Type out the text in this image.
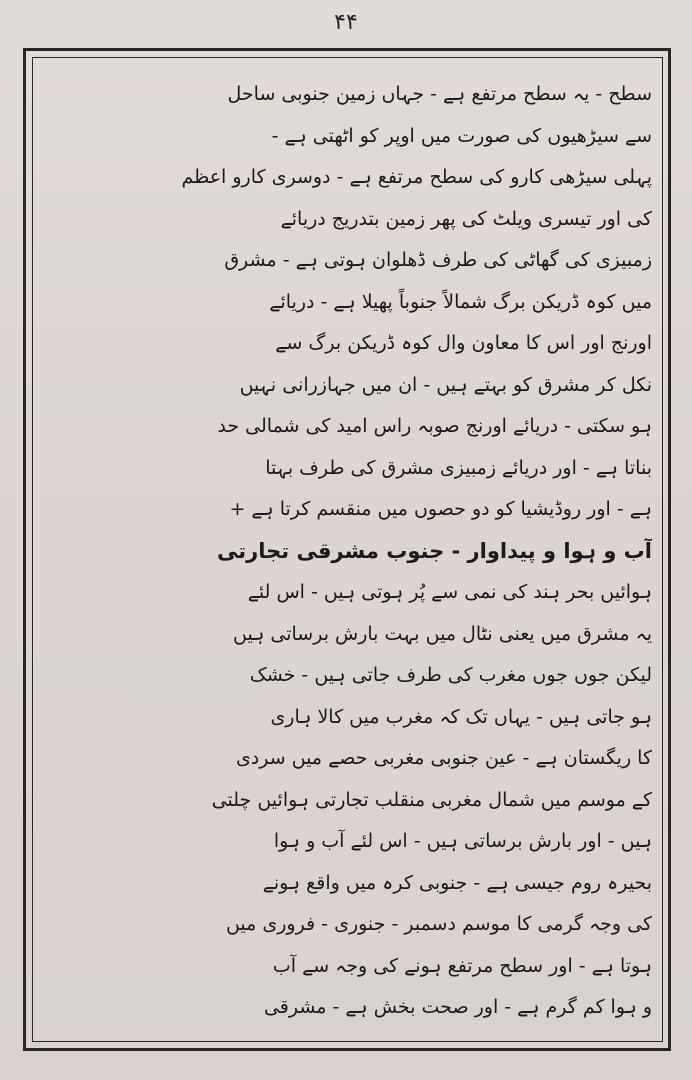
۴۴
سطح - یہ سطح مرتفع ہے - جہاں زمین جنوبی ساحل
سے سیڑھیوں کی صورت میں اوپر کو اٹھتی ہے -
پہلی سیڑھی کارو کی سطح مرتفع ہے - دوسری کارو اعظم
کی اور تیسری ویلٹ کی پھر زمین بتدریج دریائے
زمبیزی کی گھاٹی کی طرف ڈھلوان ہوتی ہے - مشرق
میں کوہ ڈریکن برگ شمالاً جنوباً پھیلا ہے - دریائے
اورنج اور اس کا معاون وال کوہ ڈریکن برگ سے
نکل کر مشرق کو بہتے ہیں - ان میں جہازرانی نہیں
ہو سکتی - دریائے اورنج صوبہ راس امید کی شمالی حد
بناتا ہے - اور دریائے زمبیزی مشرق کی طرف بہتا
ہے - اور روڈیشیا کو دو حصوں میں منقسم کرتا ہے +
آب و ہوا و پیداوار - جنوب مشرقی تجارتی
ہوائیں بحر ہند کی نمی سے پُر ہوتی ہیں - اس لئے
یہ مشرق میں یعنی نٹال میں بہت بارش برساتی ہیں
لیکن جوں جوں مغرب کی طرف جاتی ہیں - خشک
ہو جاتی ہیں - یہاں تک کہ مغرب میں کالا ہاری
کا ریگستان ہے - عین جنوبی مغربی حصے میں سردی
کے موسم میں شمال مغربی منقلب تجارتی ہوائیں چلتی
ہیں - اور بارش برساتی ہیں - اس لئے آب و ہوا
بحیرہ روم جیسی ہے - جنوبی کرہ میں واقع ہونے
کی وجہ گرمی کا موسم دسمبر - جنوری - فروری میں
ہوتا ہے - اور سطح مرتفع ہونے کی وجہ سے آب
و ہوا کم گرم ہے - اور صحت بخش ہے - مشرقی
